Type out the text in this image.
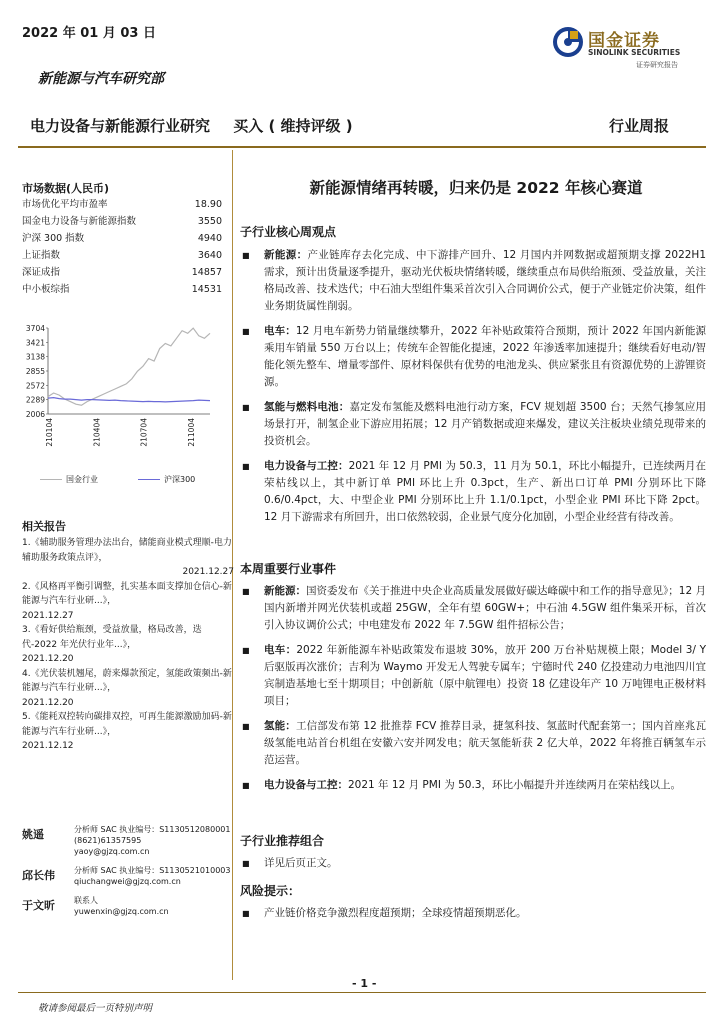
2022 年 01 月 03 日
新能源与汽车研究部
国金证券
SINOLINK SECURITIES
证券研究报告
电力设备与新能源行业研究 买入 ( 维持评级 )	行业周报
市场数据(人民币)
市场优化平均市盈率	18.90
国金电力设备与新能源指数	3550
沪深 300 指数	4940
上证指数	3640
深证成指	14857
中小板综指	14531
2006
2289
2572
2855
3138
3421
3704
210104	210404	210704	211004
国金行业	沪深300
相关报告
1.《辅助服务管理办法出台，储能商业模式理顺-电力辅助服务政策点评》，
2021.12.27
2.《风格再平衡引调整，扎实基本面支撑加仓信心-新能源与汽车行业研...》，
2021.12.27
3.《看好供给瓶颈，受益放量，格局改善，迭代-2022 年光伏行业年...》，
2021.12.20
4.《光伏装机翘尾，蔚来爆款预定，氢能政策频出-新能源与汽车行业研...》，
2021.12.20
5.《能耗双控转向碳排双控，可再生能源激励加码-新能源与汽车行业研...》，
2021.12.12
姚遥	分析师 SAC 执业编号：S1130512080001
(8621)61357595
yaoy@gjzq.com.cn
邱长伟 分析师 SAC 执业编号：S1130521010003
qiuchangwei@gjzq.com.cn
于文昕 联系人
yuwenxin@gjzq.com.cn
新能源情绪再转暖，归来仍是 2022 年核心赛道
子行业核心周观点
■ 新能源：产业链库存去化完成、中下游排产回升、12 月国内并网数据或超预期支撑 2022H1 需求，预计出货量逐季提升，驱动光伏板块情绪转暖，继续重点布局供给瓶颈、受益放量，关注格局改善、技术迭代；中石油大型组件集采首次引入合同调价公式，便于产业链定价决策，组件业务期货属性削弱。
■ 电车：12 月电车新势力销量继续攀升，2022 年补贴政策符合预期，预计 2022 年国内新能源乘用车销量 550 万台以上；传统车企智能化提速，2022 年渗透率加速提升；继续看好电动/智能化领先整车、增量零部件、原材料保供有优势的电池龙头、供应紧张且有资源优势的上游锂资源。
■ 氢能与燃料电池：嘉定发布氢能及燃料电池行动方案，FCV 规划超 3500 台；天然气掺氢应用场景打开，制氢企业下游应用拓展；12 月产销数据或迎来爆发，建议关注板块业绩兑现带来的投资机会。
■ 电力设备与工控：2021 年 12 月 PMI 为 50.3，11 月为 50.1，环比小幅提升，已连续两月在荣枯线以上，其中新订单 PMI 环比上升 0.3pct，生产、新出口订单 PMI 分别环比下降 0.6/0.4pct，大、中型企业 PMI 分别环比上升 1.1/0.1pct，小型企业 PMI 环比下降 2pct。12 月下游需求有所回升，出口依然较弱，企业景气度分化加剧，小型企业经营有待改善。
本周重要行业事件
■ 新能源：国资委发布《关于推进中央企业高质量发展做好碳达峰碳中和工作的指导意见》；12 月国内新增并网光伏装机或超 25GW，全年有望 60GW+；中石油 4.5GW 组件集采开标，首次引入协议调价公式；中电建发布 2022 年 7.5GW 组件招标公告；
■ 电车：2022 年新能源车补贴政策发布退坡 30%，放开 200 万台补贴规模上限；Model 3/ Y 后驱版再次涨价；吉利为 Waymo 开发无人驾驶专属车；宁德时代 240 亿投建动力电池四川宜宾制造基地七至十期项目；中创新航（原中航锂电）投资 18 亿建设年产 10 万吨锂电正极材料项目；
■ 氢能：工信部发布第 12 批推荐 FCV 推荐目录，捷氢科技、氢蓝时代配套第一；国内首座兆瓦级氢能电站首台机组在安徽六安并网发电；航天氢能斩获 2 亿大单，2022 年将推百辆氢车示范运营。
■ 电力设备与工控：2021 年 12 月 PMI 为 50.3，环比小幅提升并连续两月在荣枯线以上。
子行业推荐组合
■ 详见后页正文。
风险提示：
■ 产业链价格竞争激烈程度超预期；全球疫情超预期恶化。
- 1 -
敬请参阅最后一页特别声明
